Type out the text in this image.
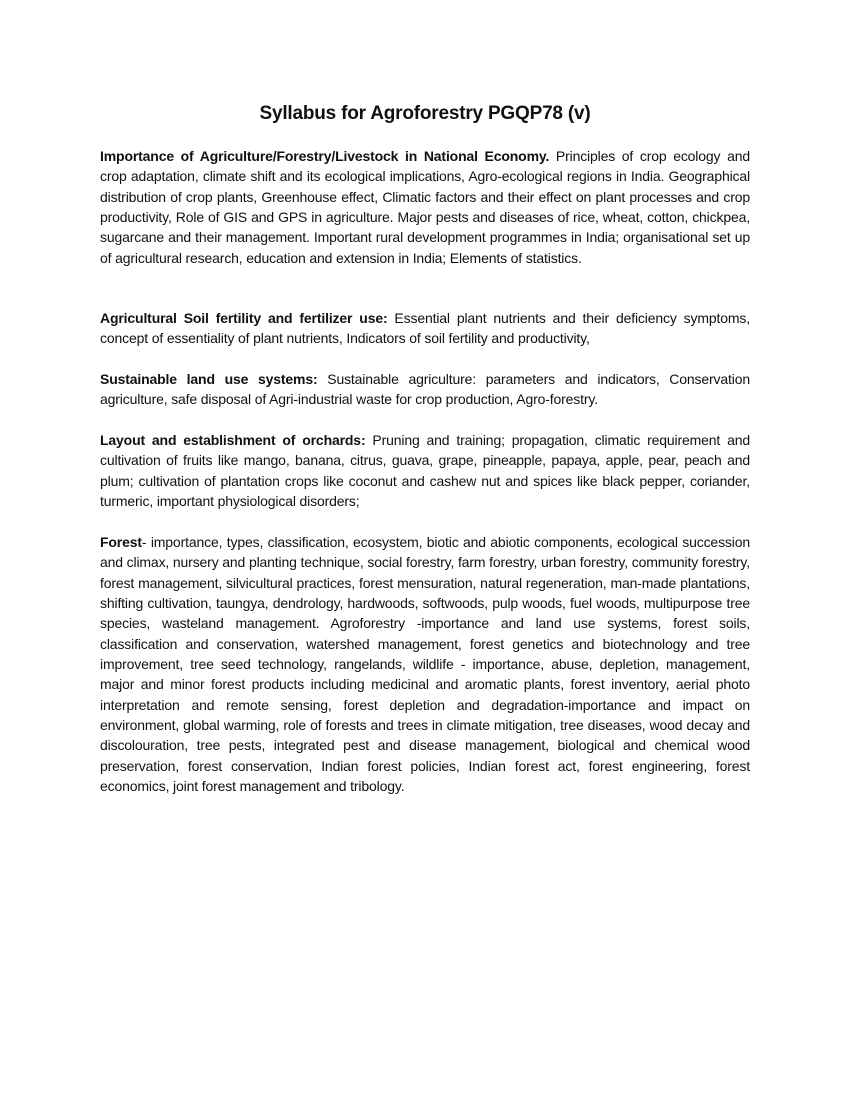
Syllabus for Agroforestry PGQP78 (v)

Importance of Agriculture/Forestry/Livestock in National Economy. Principles of crop ecology and crop adaptation, climate shift and its ecological implications, Agro-ecological regions in India. Geographical distribution of crop plants, Greenhouse effect, Climatic factors and their effect on plant processes and crop productivity, Role of GIS and GPS in agriculture. Major pests and diseases of rice, wheat, cotton, chickpea, sugarcane and their management. Important rural development programmes in India; organisational set up of agricultural research, education and extension in India; Elements of statistics.

Agricultural Soil fertility and fertilizer use: Essential plant nutrients and their deficiency symptoms, concept of essentiality of plant nutrients, Indicators of soil fertility and productivity,

Sustainable land use systems: Sustainable agriculture: parameters and indicators, Conservation agriculture, safe disposal of Agri-industrial waste for crop production, Agro-forestry.

Layout and establishment of orchards: Pruning and training; propagation, climatic requirement and cultivation of fruits like mango, banana, citrus, guava, grape, pineapple, papaya, apple, pear, peach and plum; cultivation of plantation crops like coconut and cashew nut and spices like black pepper, coriander, turmeric, important physiological disorders;

Forest- importance, types, classification, ecosystem, biotic and abiotic components, ecological succession and climax, nursery and planting technique, social forestry, farm forestry, urban forestry, community forestry, forest management, silvicultural practices, forest mensuration, natural regeneration, man-made plantations, shifting cultivation, taungya, dendrology, hardwoods, softwoods, pulp woods, fuel woods, multipurpose tree species, wasteland management. Agroforestry -importance and land use systems, forest soils, classification and conservation, watershed management, forest genetics and biotechnology and tree improvement, tree seed technology, rangelands, wildlife - importance, abuse, depletion, management, major and minor forest products including medicinal and aromatic plants, forest inventory, aerial photo interpretation and remote sensing, forest depletion and degradation-importance and impact on environment, global warming, role of forests and trees in climate mitigation, tree diseases, wood decay and discolouration, tree pests, integrated pest and disease management, biological and chemical wood preservation, forest conservation, Indian forest policies, Indian forest act, forest engineering, forest economics, joint forest management and tribology.
